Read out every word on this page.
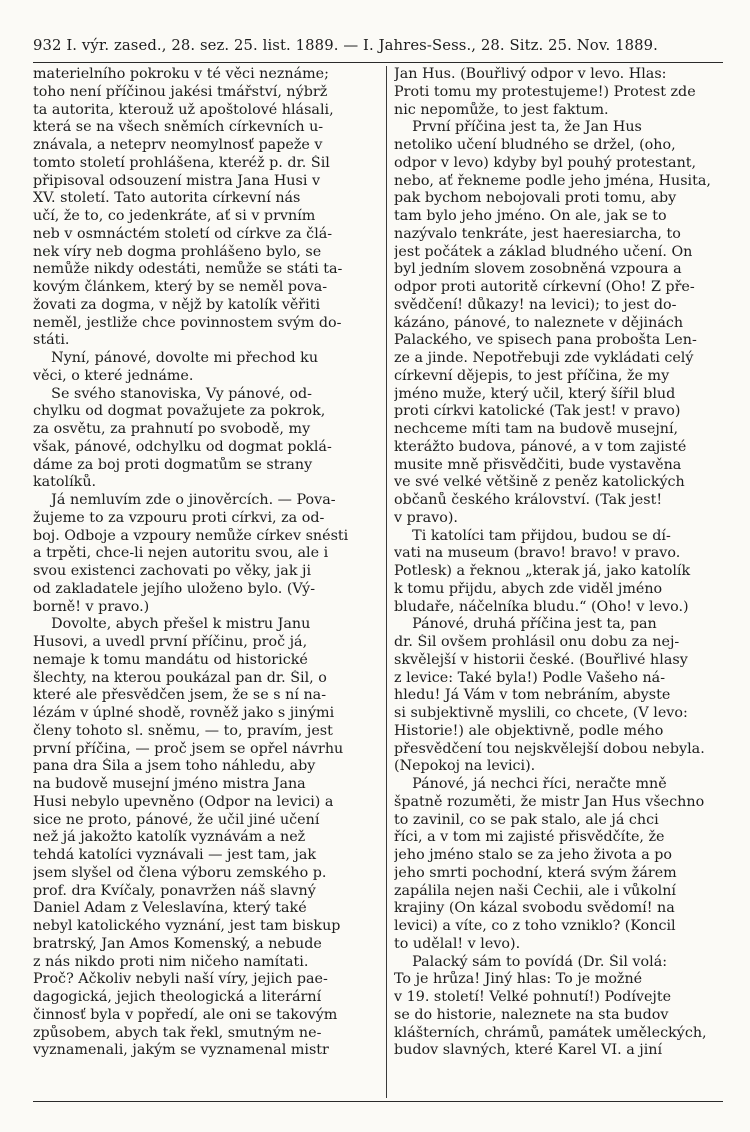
932 I. výr. zased., 28. sez. 25. list. 1889. — I. Jahres-Sess., 28. Sitz. 25. Nov. 1889.
materielního pokroku v té věci neznáme;
toho není příčinou jakési tmářství, nýbrž
ta autorita, kterouž už apoštolové hlásali,
která se na všech sněmích církevních u-
znávala, a neteprv neomylnosť papeže v
tomto století prohlášena, kteréž p. dr. Šil
připisoval odsouzení mistra Jana Husi v
XV. století. Tato autorita církevní nás
učí, že to, co jedenkráte, ať si v prvním
neb v osmnáctém století od církve za člá-
nek víry neb dogma prohlášeno bylo, se
nemůže nikdy odestáti, nemůže se státi ta-
kovým článkem, který by se neměl pova-
žovati za dogma, v nějž by katolík věřiti
neměl, jestliže chce povinnostem svým do-
státi.
Nyní, pánové, dovolte mi přechod ku
věci, o které jednáme.
Se svého stanoviska, Vy pánové, od-
chylku od dogmat považujete za pokrok,
za osvětu, za prahnutí po svobodě, my
však, pánové, odchylku od dogmat poklá-
dáme za boj proti dogmatům se strany
katolíků.
Já nemluvím zde o jinověrcích. — Pova-
žujeme to za vzpouru proti církvi, za od-
boj. Odboje a vzpoury nemůže církev snésti
a trpěti, chce-li nejen autoritu svou, ale i
svou existenci zachovati po věky, jak ji
od zakladatele jejího uloženo bylo. (Vý-
borně! v pravo.)
Dovolte, abych přešel k mistru Janu
Husovi, a uvedl první příčinu, proč já,
nemaje k tomu mandátu od historické
šlechty, na kterou poukázal pan dr. Šil, o
které ale přesvědčen jsem, že se s ní na-
lézám v úplné shodě, rovněž jako s jinými
členy tohoto sl. sněmu, — to, pravím, jest
první příčina, — proč jsem se opřel návrhu
pana dra Šila a jsem toho náhledu, aby
na budově musejní jméno mistra Jana
Husi nebylo upevněno (Odpor na levici) a
sice ne proto, pánové, že učil jiné učení
než já jakožto katolík vyznávám a než
tehdá katolíci vyznávali — jest tam, jak
jsem slyšel od člena výboru zemského p.
prof. dra Kvíčaly, ponavržen náš slavný
Daniel Adam z Veleslavína, který také
nebyl katolického vyznání, jest tam biskup
bratrský, Jan Amos Komenský, a nebude
z nás nikdo proti nim ničeho namítati.
Proč? Ačkoliv nebyli naší víry, jejich pae-
dagogická, jejich theologická a literární
činnosť byla v popředí, ale oni se takovým
způsobem, abych tak řekl, smutným ne-
vyznamenali, jakým se vyznamenal mistr
Jan Hus. (Bouřlivý odpor v levo. Hlas:
Proti tomu my protestujeme!) Protest zde
nic nepomůže, to jest faktum.
První příčina jest ta, že Jan Hus
netoliko učení bludného se držel, (oho,
odpor v levo) kdyby byl pouhý protestant,
nebo, ať řekneme podle jeho jména, Husita,
pak bychom nebojovali proti tomu, aby
tam bylo jeho jméno. On ale, jak se to
nazývalo tenkráte, jest haeresiarcha, to
jest počátek a základ bludného učení. On
byl jedním slovem zosobněná vzpoura a
odpor proti autoritě církevní (Oho! Z pře-
svědčení! důkazy! na levici); to jest do-
kázáno, pánové, to naleznete v dějinách
Palackého, ve spisech pana probošta Len-
ze a jinde. Nepotřebuji zde vykládati celý
církevní dějepis, to jest příčina, že my
jméno muže, který učil, který šířil blud
proti církvi katolické (Tak jest! v pravo)
nechceme míti tam na budově musejní,
kterážto budova, pánové, a v tom zajisté
musite mně přisvědčiti, bude vystavěna
ve své velké většině z peněz katolických
občanů českého království. (Tak jest!
v pravo).
Ti katolíci tam přijdou, budou se dí-
vati na museum (bravo! bravo! v pravo.
Potlesk) a řeknou „kterak já, jako katolík
k tomu přijdu, abych zde viděl jméno
bludaře, náčelníka bludu.“ (Oho! v levo.)
Pánové, druhá příčina jest ta, pan
dr. Šil ovšem prohlásil onu dobu za nej-
skvělejší v historii české. (Bouřlivé hlasy
z levice: Také byla!) Podle Vašeho ná-
hledu! Já Vám v tom nebráním, abyste
si subjektivně myslili, co chcete, (V levo:
Historie!) ale objektivně, podle mého
přesvědčení tou nejskvělejší dobou nebyla.
(Nepokoj na levici).
Pánové, já nechci říci, neračte mně
špatně rozuměti, že mistr Jan Hus všechno
to zavinil, co se pak stalo, ale já chci
říci, a v tom mi zajisté přisvědčíte, že
jeho jméno stalo se za jeho života a po
jeho smrti pochodní, která svým žárem
zapálila nejen naši Čechii, ale i vůkolní
krajiny (On kázal svobodu svědomí! na
levici) a víte, co z toho vzniklo? (Koncil
to udělal! v levo).
Palacký sám to povídá (Dr. Šil volá:
To je hrůza! Jiný hlas: To je možné
v 19. století! Velké pohnutí!) Podívejte
se do historie, naleznete na sta budov
klášterních, chrámů, památek uměleckých,
budov slavných, které Karel VI. a jiní
